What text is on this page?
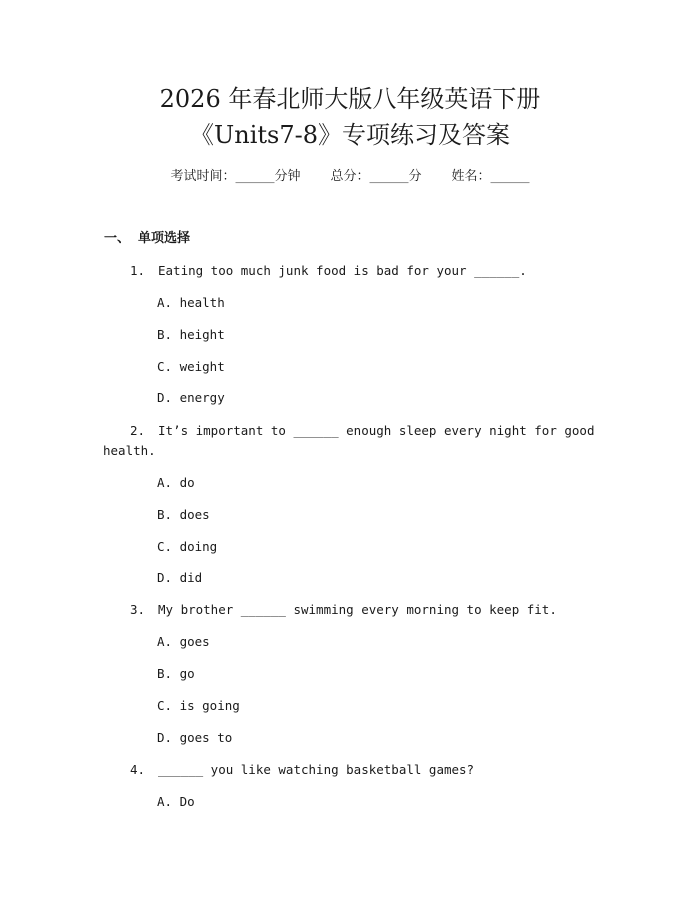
2026 年春北师大版八年级英语下册
《Units7-8》专项练习及答案
考试时间：______分钟 总分：______分 姓名：______
一、 单项选择
1. Eating too much junk food is bad for your ______.
A. health
B. height
C. weight
D. energy
2. It’s important to ______ enough sleep every night for good
health.
A. do
B. does
C. doing
D. did
3. My brother ______ swimming every morning to keep fit.
A. goes
B. go
C. is going
D. goes to
4. ______ you like watching basketball games?
A. Do
